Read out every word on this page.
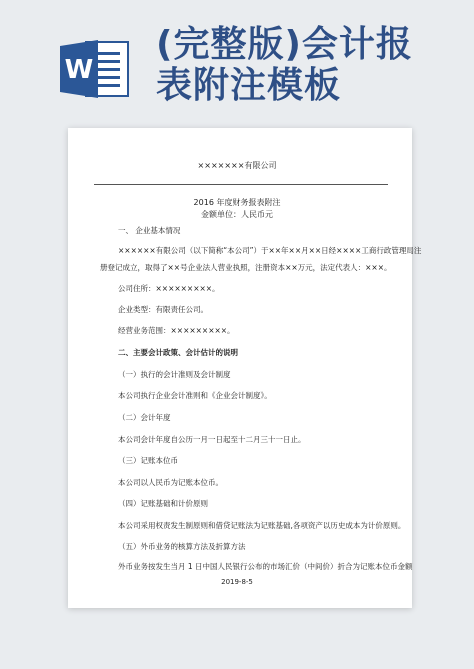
W
(完整版)会计报
表附注模板
×××××××有限公司
2016 年度财务报表附注
金额单位：人民币元
一、 企业基本情况
××××××有限公司（以下简称“本公司”）于××年××月××日经××××工商行政管理局注
册登记成立，取得了××号企业法人营业执照，注册资本××万元，法定代表人：×××。
公司住所：×××××××××。
企业类型：有限责任公司。
经营业务范围：×××××××××。
二、主要会计政策、会计估计的说明
（一）执行的会计准则及会计制度
本公司执行企业会计准则和《企业会计制度》。
（二）会计年度
本公司会计年度自公历一月一日起至十二月三十一日止。
（三）记账本位币
本公司以人民币为记账本位币。
（四）记账基础和计价原则
本公司采用权责发生制原则和借贷记账法为记账基础,各项资产以历史成本为计价原则。
（五）外币业务的核算方法及折算方法
外币业务按发生当月 1 日中国人民银行公布的市场汇价（中间价）折合为记账本位币金额
2019-8-5
